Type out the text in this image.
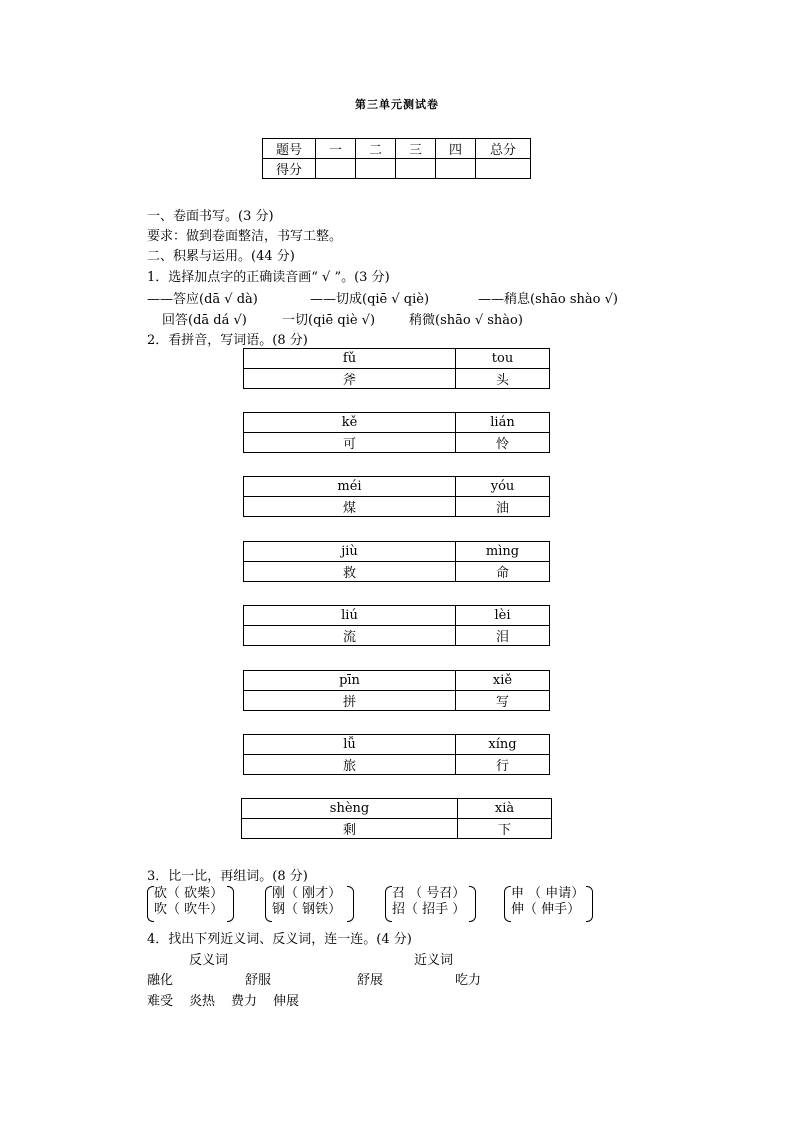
第三单元测试卷
题号	一	二	三	四	总分
得分					
一、卷面书写。(3 分)
要求：做到卷面整洁，书写工整。
二、积累与运用。(44 分)
1．选择加点字的正确读音画“ √ ”。(3 分)
——答应(dā √ dà)	——切成(qiē √ qiè)	——稍息(shāo shào √)
回答(dā dá √)	一切(qiē qiè √)	稍微(shāo √ shào)
2．看拼音，写词语。(8 分)
fǔ	tou
斧	头
kě	lián
可	怜
méi	yóu
煤	油
jiù	mìng
救	命
liú	lèi
流	泪
pīn	xiě
拼	写
lǚ	xíng
旅	行
shèng	xià
剩	下
3．比一比，再组词。(8 分)
砍（ 砍柴）
吹（ 吹牛）
刚（ 刚才）
钢（ 钢铁）
召 （ 号召）
招（ 招手 ）
申 （ 申请）
伸（ 伸手）
4．找出下列近义词、反义词，连一连。(4 分)
反义词	近义词
融化	舒服	舒展	吃力
难受 炎热 费力 伸展
